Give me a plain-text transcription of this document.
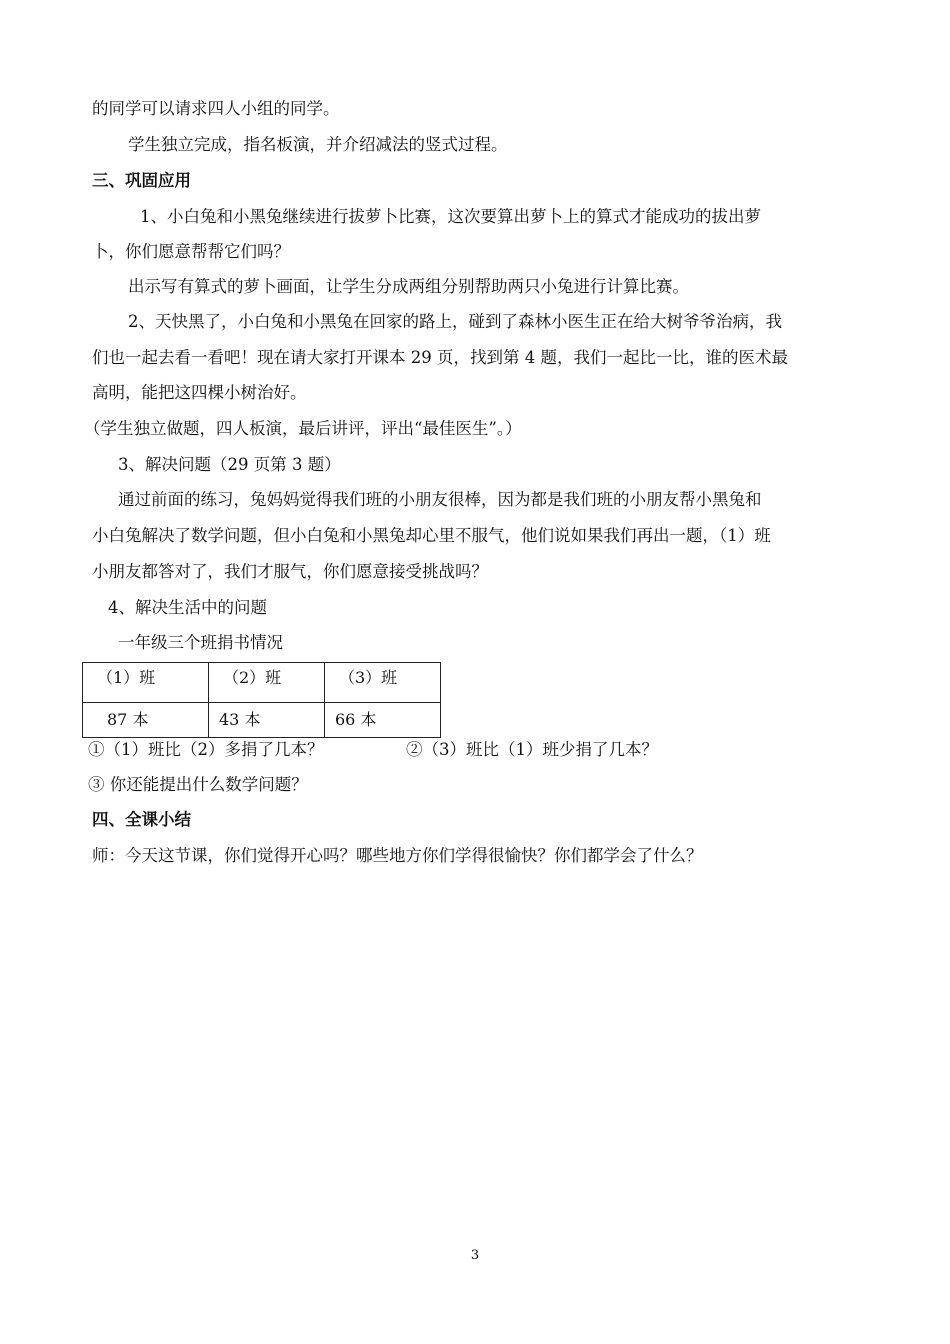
的同学可以请求四人小组的同学。
学生独立完成，指名板演，并介绍减法的竖式过程。
三、巩固应用
1、小白兔和小黑兔继续进行拔萝卜比赛，这次要算出萝卜上的算式才能成功的拔出萝
卜，你们愿意帮帮它们吗？
出示写有算式的萝卜画面，让学生分成两组分别帮助两只小兔进行计算比赛。
2、天快黑了，小白兔和小黑兔在回家的路上，碰到了森林小医生正在给大树爷爷治病，我
们也一起去看一看吧！现在请大家打开课本 29 页，找到第 4 题，我们一起比一比，谁的医术最
高明，能把这四棵小树治好。
（学生独立做题，四人板演，最后讲评，评出“最佳医生”。）
3、解决问题（29 页第 3 题）
通过前面的练习，兔妈妈觉得我们班的小朋友很棒，因为都是我们班的小朋友帮小黑兔和
小白兔解决了数学问题，但小白兔和小黑兔却心里不服气，他们说如果我们再出一题，（1）班
小朋友都答对了，我们才服气，你们愿意接受挑战吗？
4、解决生活中的问题
一年级三个班捐书情况
（1）班	（2）班	（3）班
87 本	43 本	66 本
①（1）班比（2）多捐了几本？	②（3）班比（1）班少捐了几本？
③ 你还能提出什么数学问题？
四、全课小结
师：今天这节课，你们觉得开心吗？哪些地方你们学得很愉快？你们都学会了什么？
3
